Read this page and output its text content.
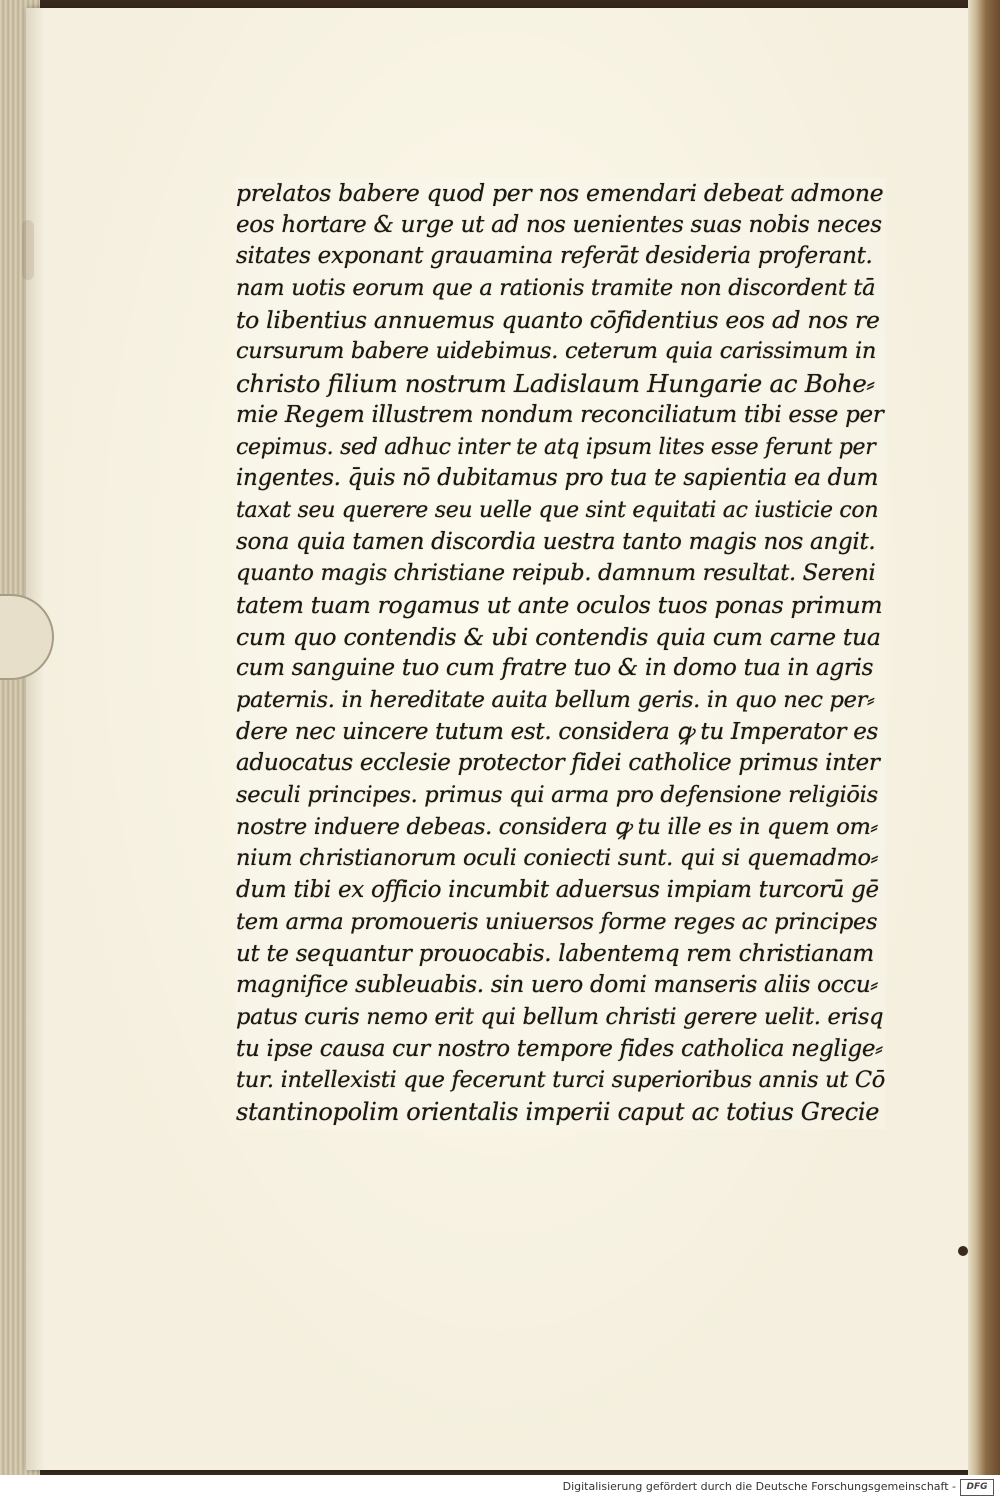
prelatos babere quod per nos emendari debeat admone
eos hortare & urge ut ad nos uenientes suas nobis neces
sitates exponant grauamina referāt desideria proferant.
nam uotis eorum que a rationis tramite non discordent tā
to libentius annuemus quanto cōfidentius eos ad nos re
cursurum babere uidebimus. ceterum quia carissimum in
christo filium nostrum Ladislaum Hungarie ac Bohe⸗
mie Regem illustrem nondum reconciliatum tibi esse per
cepimus. sed adhuc inter te atq ipsum lites esse ferunt per
ingentes. q̄uis nō dubitamus pro tua te sapientia ea dum
taxat seu querere seu uelle que sint equitati ac iusticie con
sona quia tamen discordia uestra tanto magis nos angit.
quanto magis christiane reipub. damnum resultat. Sereni
tatem tuam rogamus ut ante oculos tuos ponas primum
cum quo contendis & ubi contendis quia cum carne tua
cum sanguine tuo cum fratre tuo & in domo tua in agris
paternis. in hereditate auita bellum geris. in quo nec per⸗
dere nec uincere tutum est. considera ꝙ tu Imperator es
aduocatus ecclesie protector fidei catholice primus inter
seculi principes. primus qui arma pro defensione religiōis
nostre induere debeas. considera ꝙ tu ille es in quem om⸗
nium christianorum oculi coniecti sunt. qui si quemadmo⸗
dum tibi ex officio incumbit aduersus impiam turcorū gē
tem arma promoueris uniuersos forme reges ac principes
ut te sequantur prouocabis. labentemq rem christianam
magnifice subleuabis. sin uero domi manseris aliis occu⸗
patus curis nemo erit qui bellum christi gerere uelit. erisq
tu ipse causa cur nostro tempore fides catholica neglige⸗
tur. intellexisti que fecerunt turci superioribus annis ut Cō
stantinopolim orientalis imperii caput ac totius Grecie
Digitalisierung gefördert durch die Deutsche Forschungsgemeinschaft -	DFG
